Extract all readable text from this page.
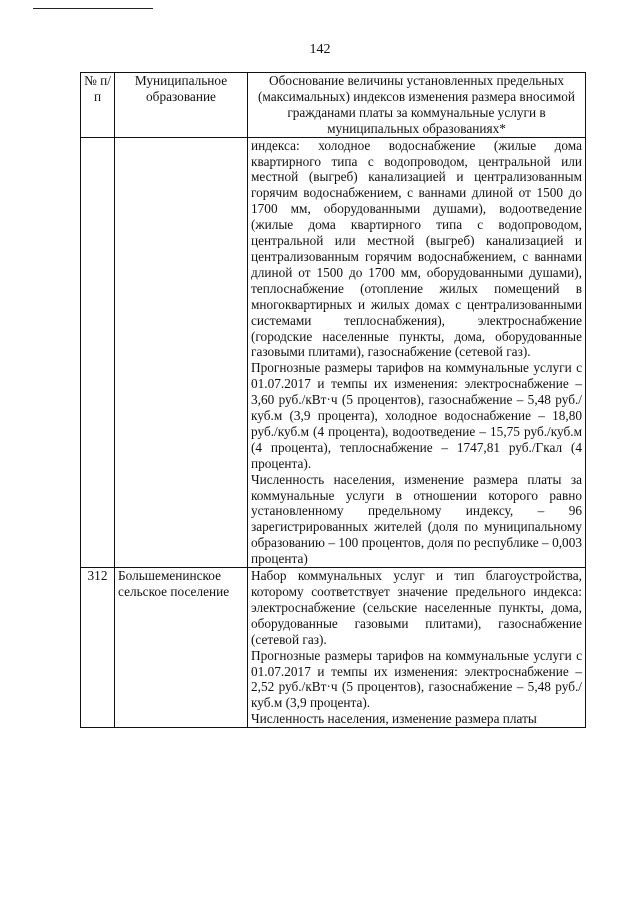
142
№ п/п	Муниципальное образование	Обоснование величины установленных предельных (максимальных) индексов изменения размера вносимой гражданами платы за коммунальные услуги в муниципальных образованиях*

		индекса: холодное водоснабжение (жилые дома квартирного типа с водопроводом, центральной или местной (выгреб) канализацией и централизованным горячим водоснабжением, с ваннами длиной от 1500 до 1700 мм, оборудованными душами), водоотведение (жилые дома квартирного типа с водопроводом, центральной или местной (выгреб) канализацией и централизованным горячим водоснабжением, с ваннами длиной от 1500 до 1700 мм, оборудованными душами), теплоснабжение (отопление жилых помещений в многоквартирных и жилых домах с централизованными системами теплоснабжения), электроснабжение (городские населенные пункты, дома, оборудованные газовыми плитами), газоснабжение (сетевой газ).

Прогнозные размеры тарифов на коммунальные услуги с 01.07.2017 и темпы их изменения: электроснабжение – 3,60 руб./кВт·ч (5 процентов), газоснабжение – 5,48 руб./куб.м (3,9 процента), холодное водоснабжение – 18,80 руб./куб.м (4 процента), водоотведение – 15,75 руб./куб.м (4 процента), теплоснабжение – 1747,81 руб./Гкал (4 процента).

Численность населения, изменение размера платы за коммунальные услуги в отношении которого равно установленному предельному индексу, – 96 зарегистрированных жителей (доля по муниципальному образованию – 100 процентов, доля по республике – 0,003 процента)

312	Большеменинское сельское поселение	Набор коммунальных услуг и тип благоустройства, которому соответствует значение предельного индекса: электроснабжение (сельские населенные пункты, дома, оборудованные газовыми плитами), газоснабжение (сетевой газ).

Прогнозные размеры тарифов на коммунальные услуги с 01.07.2017 и темпы их изменения: электроснабжение – 2,52 руб./кВт·ч (5 процентов), газоснабжение – 5,48 руб./куб.м (3,9 процента).

Численность населения, изменение размера платы
